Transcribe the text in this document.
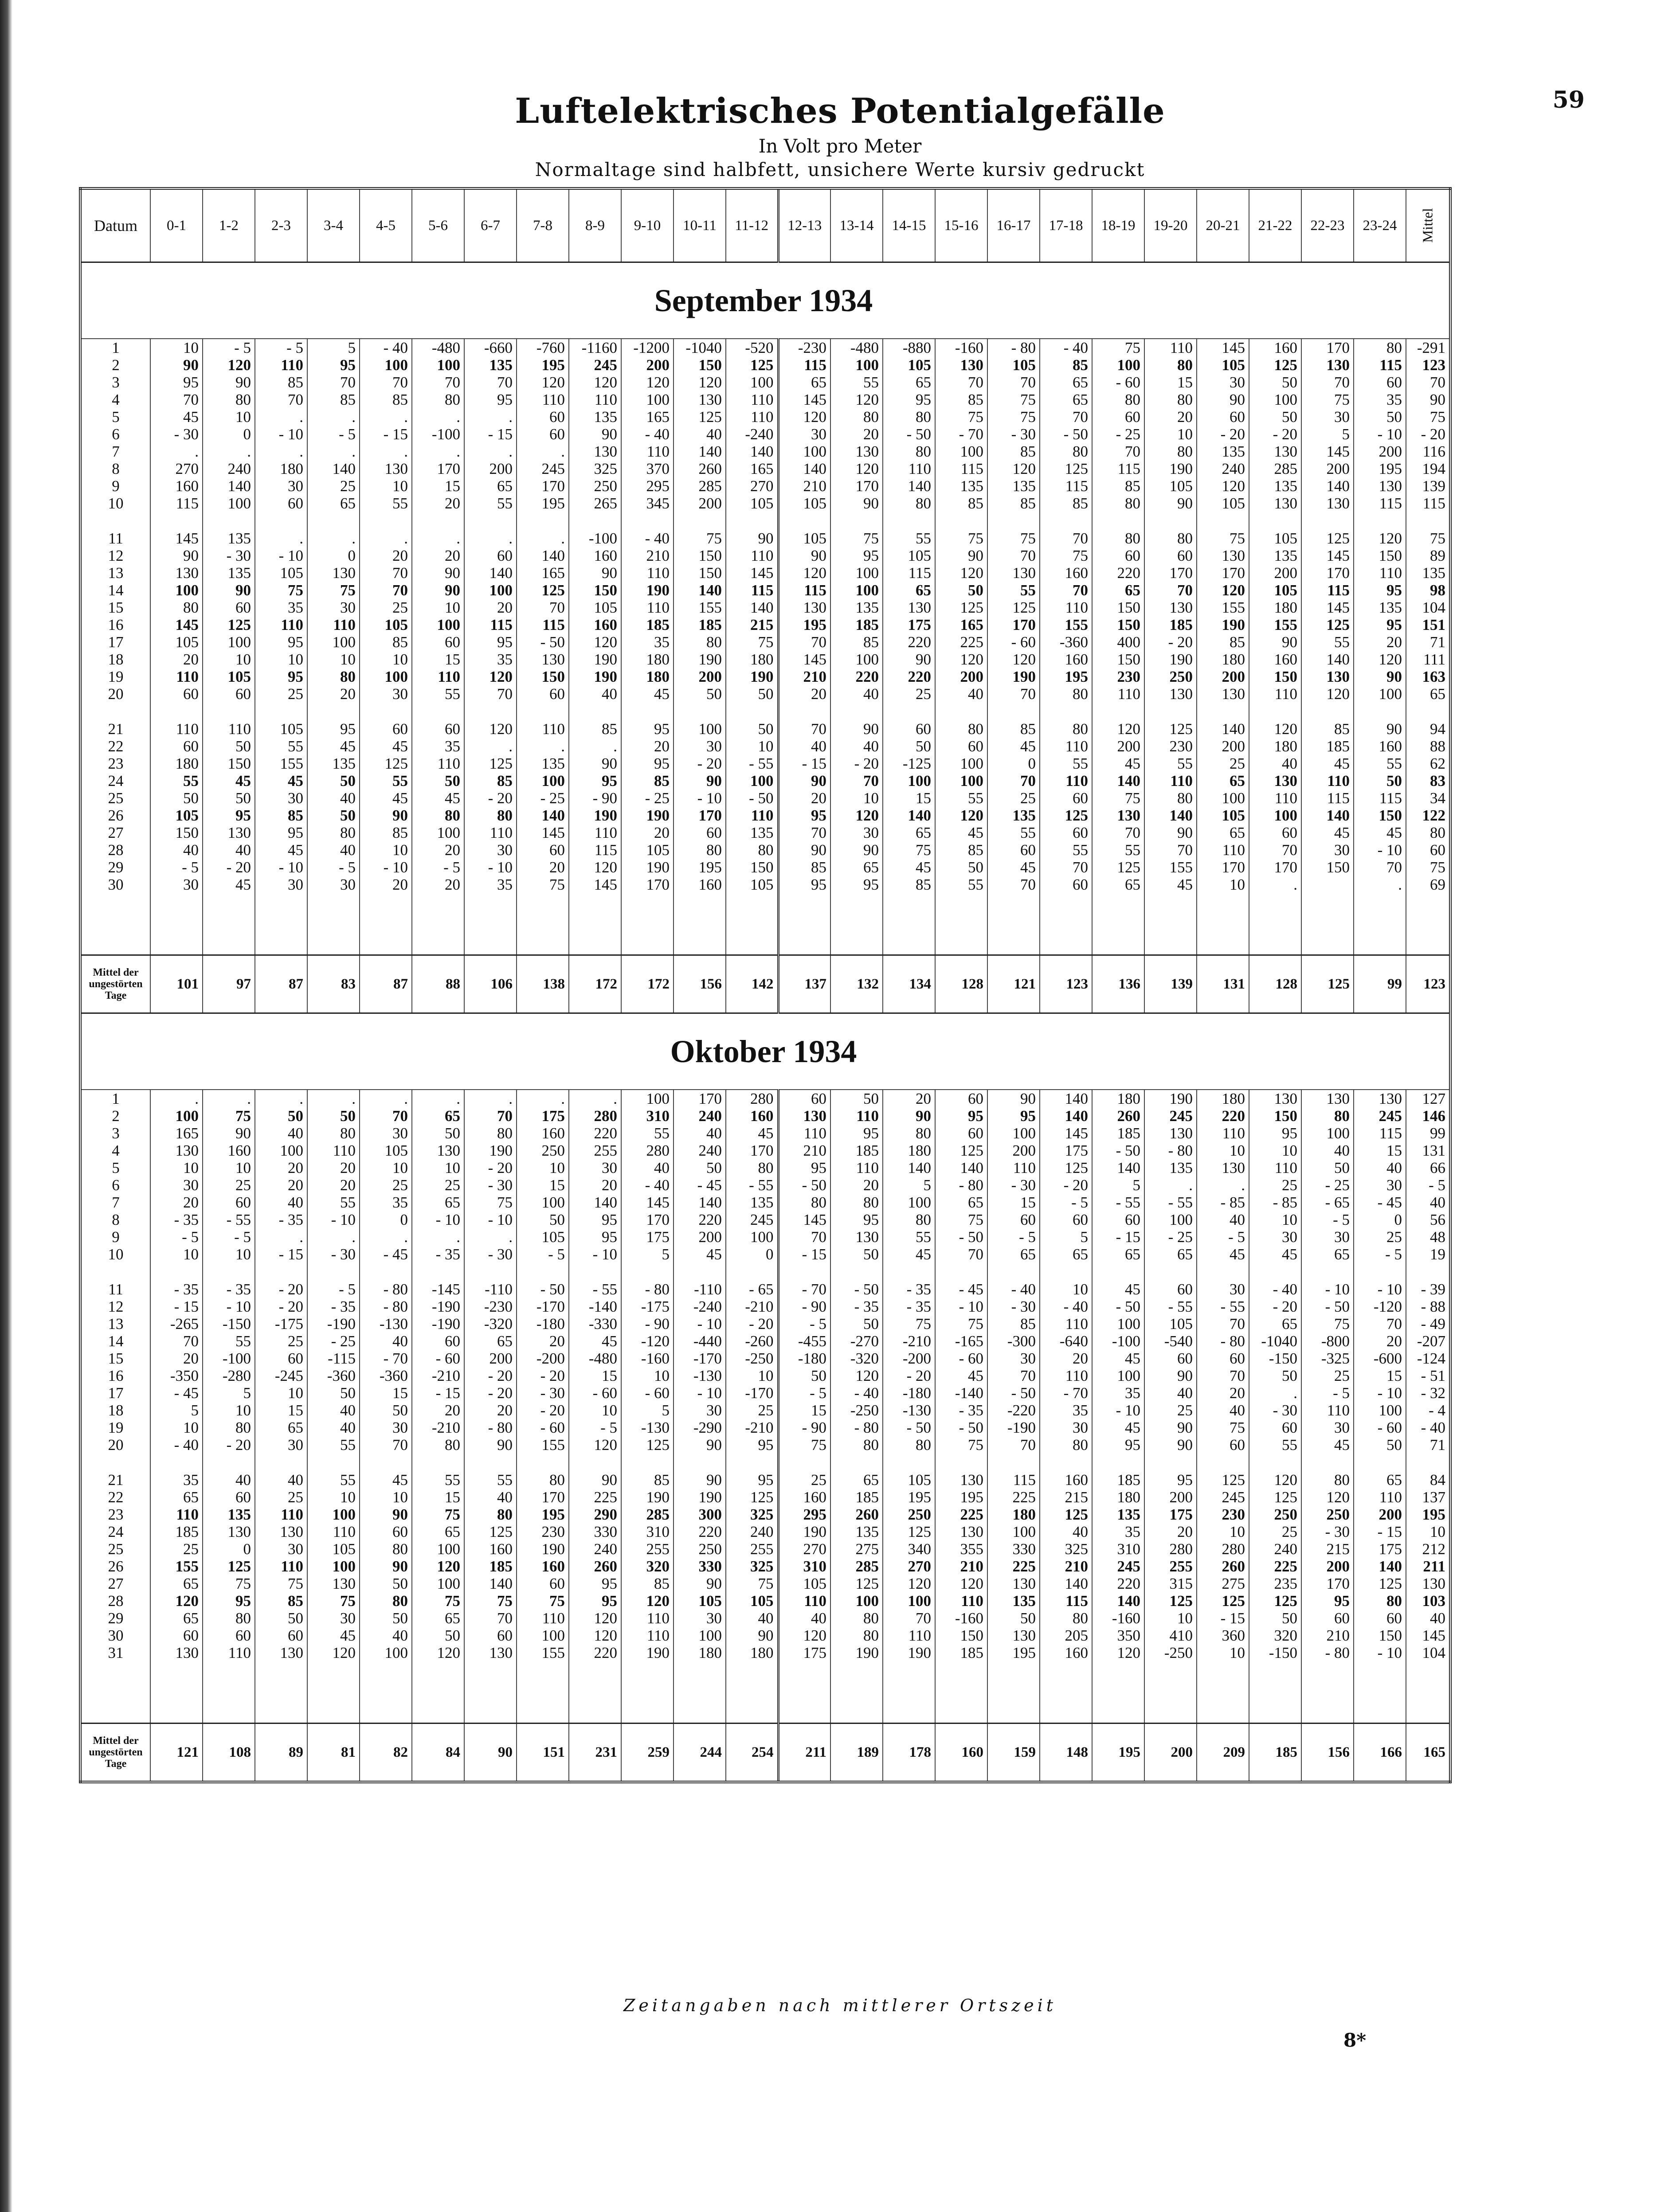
59
Luftelektrisches Potentialgefälle
In Volt pro Meter
Normaltage sind halbfett, unsichere Werte kursiv gedruckt
Datum	0-1	1-2	2-3	3-4	4-5	5-6	6-7	7-8	8-9	9-10	10-11	11-12	12-13	13-14	14-15	15-16	16-17	17-18	18-19	19-20	20-21	21-22	22-23	23-24	Mittel
September 1934																									
1	10	- 5	- 5	5	- 40	-480	-660	-760	-1160	-1200	-1040	-520	-230	-480	-880	-160	- 80	- 40	75	110	145	160	170	80	-291
2	90	120	110	95	100	100	135	195	245	200	150	125	115	100	105	130	105	85	100	80	105	125	130	115	123
3	95	90	85	70	70	70	70	120	120	120	120	100	65	55	65	70	70	65	- 60	15	30	50	70	60	70
4	70	80	70	85	85	80	95	110	110	100	130	110	145	120	95	85	75	65	80	80	90	100	75	35	90
5	45	10	.	.	.	.	.	60	135	165	125	110	120	80	80	75	75	70	60	20	60	50	30	50	75
6	- 30	0	- 10	- 5	- 15	-100	- 15	60	90	- 40	40	-240	30	20	- 50	- 70	- 30	- 50	- 25	10	- 20	- 20	5	- 10	- 20
7	.	.	.	.	.	.	.	.	130	110	140	140	100	130	80	100	85	80	70	80	135	130	145	200	116
8	270	240	180	140	130	170	200	245	325	370	260	165	140	120	110	115	120	125	115	190	240	285	200	195	194
9	160	140	30	25	10	15	65	170	250	295	285	270	210	170	140	135	135	115	85	105	120	135	140	130	139
10	115	100	60	65	55	20	55	195	265	345	200	105	105	90	80	85	85	85	80	90	105	130	130	115	115

11	145	135	.	.	.	.	.	.	-100	- 40	75	90	105	75	55	75	75	70	80	80	75	105	125	120	75
12	90	- 30	- 10	0	20	20	60	140	160	210	150	110	90	95	105	90	70	75	60	60	130	135	145	150	89
13	130	135	105	130	70	90	140	165	90	110	150	145	120	100	115	120	130	160	220	170	170	200	170	110	135
14	100	90	75	75	70	90	100	125	150	190	140	115	115	100	65	50	55	70	65	70	120	105	115	95	98
15	80	60	35	30	25	10	20	70	105	110	155	140	130	135	130	125	125	110	150	130	155	180	145	135	104
16	145	125	110	110	105	100	115	115	160	185	185	215	195	185	175	165	170	155	150	185	190	155	125	95	151
17	105	100	95	100	85	60	95	- 50	120	35	80	75	70	85	220	225	- 60	-360	400	- 20	85	90	55	20	71
18	20	10	10	10	10	15	35	130	190	180	190	180	145	100	90	120	120	160	150	190	180	160	140	120	111
19	110	105	95	80	100	110	120	150	190	180	200	190	210	220	220	200	190	195	230	250	200	150	130	90	163
20	60	60	25	20	30	55	70	60	40	45	50	50	20	40	25	40	70	80	110	130	130	110	120	100	65

21	110	110	105	95	60	60	120	110	85	95	100	50	70	90	60	80	85	80	120	125	140	120	85	90	94
22	60	50	55	45	45	35	.	.	.	20	30	10	40	40	50	60	45	110	200	230	200	180	185	160	88
23	180	150	155	135	125	110	125	135	90	95	- 20	- 55	- 15	- 20	-125	100	0	55	45	55	25	40	45	55	62
24	55	45	45	50	55	50	85	100	95	85	90	100	90	70	100	100	70	110	140	110	65	130	110	50	83
25	50	50	30	40	45	45	- 20	- 25	- 90	- 25	- 10	- 50	20	10	15	55	25	60	75	80	100	110	115	115	34
26	105	95	85	50	90	80	80	140	190	190	170	110	95	120	140	120	135	125	130	140	105	100	140	150	122
27	150	130	95	80	85	100	110	145	110	20	60	135	70	30	65	45	55	60	70	90	65	60	45	45	80
28	40	40	45	40	10	20	30	60	115	105	80	80	90	90	75	85	60	55	55	70	110	70	30	- 10	60
29	- 5	- 20	- 10	- 5	- 10	- 5	- 10	20	120	190	195	150	85	65	45	50	45	70	125	155	170	170	150	70	75
30	30	45	30	30	20	20	35	75	145	170	160	105	95	95	85	55	70	60	65	45	10	.		.	69

Mittel der ungestörten Tage	101	97	87	83	87	88	106	138	172	172	156	142	137	132	134	128	121	123	136	139	131	128	125	99	123
Oktober 1934																									
1	.	.	.	.	.	.	.	.	.	100	170	280	60	50	20	60	90	140	180	190	180	130	130	130	127
2	100	75	50	50	70	65	70	175	280	310	240	160	130	110	90	95	95	140	260	245	220	150	80	245	146
3	165	90	40	80	30	50	80	160	220	55	40	45	110	95	80	60	100	145	185	130	110	95	100	115	99
4	130	160	100	110	105	130	190	250	255	280	240	170	210	185	180	125	200	175	- 50	- 80	10	10	40	15	131
5	10	10	20	20	10	10	- 20	10	30	40	50	80	95	110	140	140	110	125	140	135	130	110	50	40	66
6	30	25	20	20	25	25	- 30	15	20	- 40	- 45	- 55	- 50	20	5	- 80	- 30	- 20	5	.	.	25	- 25	30	- 5
7	20	60	40	55	35	65	75	100	140	145	140	135	80	80	100	65	15	- 5	- 55	- 55	- 85	- 85	- 65	- 45	40
8	- 35	- 55	- 35	- 10	0	- 10	- 10	50	95	170	220	245	145	95	80	75	60	60	60	100	40	10	- 5	0	56
9	- 5	- 5	.	.	.	.	.	105	95	175	200	100	70	130	55	- 50	- 5	5	- 15	- 25	- 5	30	30	25	48
10	10	10	- 15	- 30	- 45	- 35	- 30	- 5	- 10	5	45	0	- 15	50	45	70	65	65	65	65	45	45	65	- 5	19

11	- 35	- 35	- 20	- 5	- 80	-145	-110	- 50	- 55	- 80	-110	- 65	- 70	- 50	- 35	- 45	- 40	10	45	60	30	- 40	- 10	- 10	- 39
12	- 15	- 10	- 20	- 35	- 80	-190	-230	-170	-140	-175	-240	-210	- 90	- 35	- 35	- 10	- 30	- 40	- 50	- 55	- 55	- 20	- 50	-120	- 88
13	-265	-150	-175	-190	-130	-190	-320	-180	-330	- 90	- 10	- 20	- 5	50	75	75	85	110	100	105	70	65	75	70	- 49
14	70	55	25	- 25	40	60	65	20	45	-120	-440	-260	-455	-270	-210	-165	-300	-640	-100	-540	- 80	-1040	-800	20	-207
15	20	-100	60	-115	- 70	- 60	200	-200	-480	-160	-170	-250	-180	-320	-200	- 60	30	20	45	60	60	-150	-325	-600	-124
16	-350	-280	-245	-360	-360	-210	- 20	- 20	15	10	-130	10	50	120	- 20	45	70	110	100	90	70	50	25	15	- 51
17	- 45	5	10	50	15	- 15	- 20	- 30	- 60	- 60	- 10	-170	- 5	- 40	-180	-140	- 50	- 70	35	40	20	.	- 5	- 10	- 32
18	5	10	15	40	50	20	20	- 20	10	5	30	25	15	-250	-130	- 35	-220	35	- 10	25	40	- 30	110	100	- 4
19	10	80	65	40	30	-210	- 80	- 60	- 5	-130	-290	-210	- 90	- 80	- 50	- 50	-190	30	45	90	75	60	30	- 60	- 40
20	- 40	- 20	30	55	70	80	90	155	120	125	90	95	75	80	80	75	70	80	95	90	60	55	45	50	71

21	35	40	40	55	45	55	55	80	90	85	90	95	25	65	105	130	115	160	185	95	125	120	80	65	84
22	65	60	25	10	10	15	40	170	225	190	190	125	160	185	195	195	225	215	180	200	245	125	120	110	137
23	110	135	110	100	90	75	80	195	290	285	300	325	295	260	250	225	180	125	135	175	230	250	250	200	195
24	185	130	130	110	60	65	125	230	330	310	220	240	190	135	125	130	100	40	35	20	10	25	- 30	- 15	10
25	25	0	30	105	80	100	160	190	240	255	250	255	270	275	340	355	330	325	310	280	280	240	215	175	212
26	155	125	110	100	90	120	185	160	260	320	330	325	310	285	270	210	225	210	245	255	260	225	200	140	211
27	65	75	75	130	50	100	140	60	95	85	90	75	105	125	120	120	130	140	220	315	275	235	170	125	130
28	120	95	85	75	80	75	75	75	95	120	105	105	110	100	100	110	135	115	140	125	125	125	95	80	103
29	65	80	50	30	50	65	70	110	120	110	30	40	40	80	70	-160	50	80	-160	10	- 15	50	60	60	40
30	60	60	60	45	40	50	60	100	120	110	100	90	120	80	110	150	130	205	350	410	360	320	210	150	145
31	130	110	130	120	100	120	130	155	220	190	180	180	175	190	190	185	195	160	120	-250	10	-150	- 80	- 10	104

Mittel der ungestörten Tage	121	108	89	81	82	84	90	151	231	259	244	254	211	189	178	160	159	148	195	200	209	185	156	166	165
Zeitangaben nach mittlerer Ortszeit
8*
